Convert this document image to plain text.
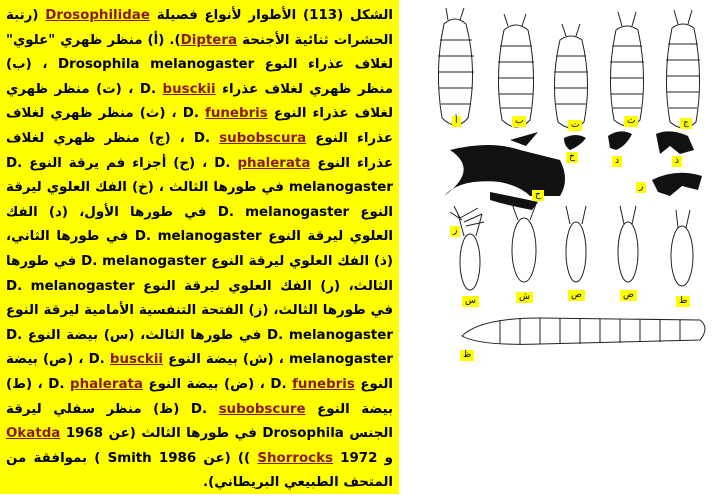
الشكل (113) الأطوار لأنواع فصيلة Drosophilidae (رتبة الحشرات ثنائية الأجنحة Diptera). (أ) منظر ظهري "علوي" لغلاف عذراء النوع Drosophila melanogaster ، (ب) منظر ظهري لغلاف عذراء D. busckii ، (ت) منظر ظهري لغلاف عذراء النوع D. funebris ، (ث) منظر ظهري لغلاف عذراء النوع D. subobscura ، (ج) منظر ظهري لغلاف عذراء النوع D. phalerata ، (ح) أجزاء فم يرقة النوع D. melanogaster في طورها الثالث ، (خ) الفك العلوي ليرقة النوع D. melanogaster في طورها الأول، (د) الفك العلوي ليرقة النوع D. melanogaster في طورها الثاني، (ذ) الفك العلوي ليرقة النوع D. melanogaster في طورها الثالث، (ر) الفك العلوي ليرقة النوع D. melanogaster في طورها الثالث، (ز) الفتحة التنفسية الأمامية ليرقة النوع D. melanogaster في طورها الثالث، (س) بيضة النوع D. melanogaster ، (ش) بيضة النوع D. busckii ، (ص) بيضة النوع D. funebris ، (ض) بيضة النوع D. phalerata ، (ط) بيضة النوع D. subobscure (ظ) منظر سفلي ليرقة الجنس Drosophila في طورها الثالث (عن Okatda 1968 و Shorrocks 1972 )) (عن Smith 1986 ) بموافقة من المتحف الطبيعي البريطاني).

أ	ب	ت	ث	ج
خ	د	ذ
ر
ح
ز
س	ش	ص	ض
ط
ظ
